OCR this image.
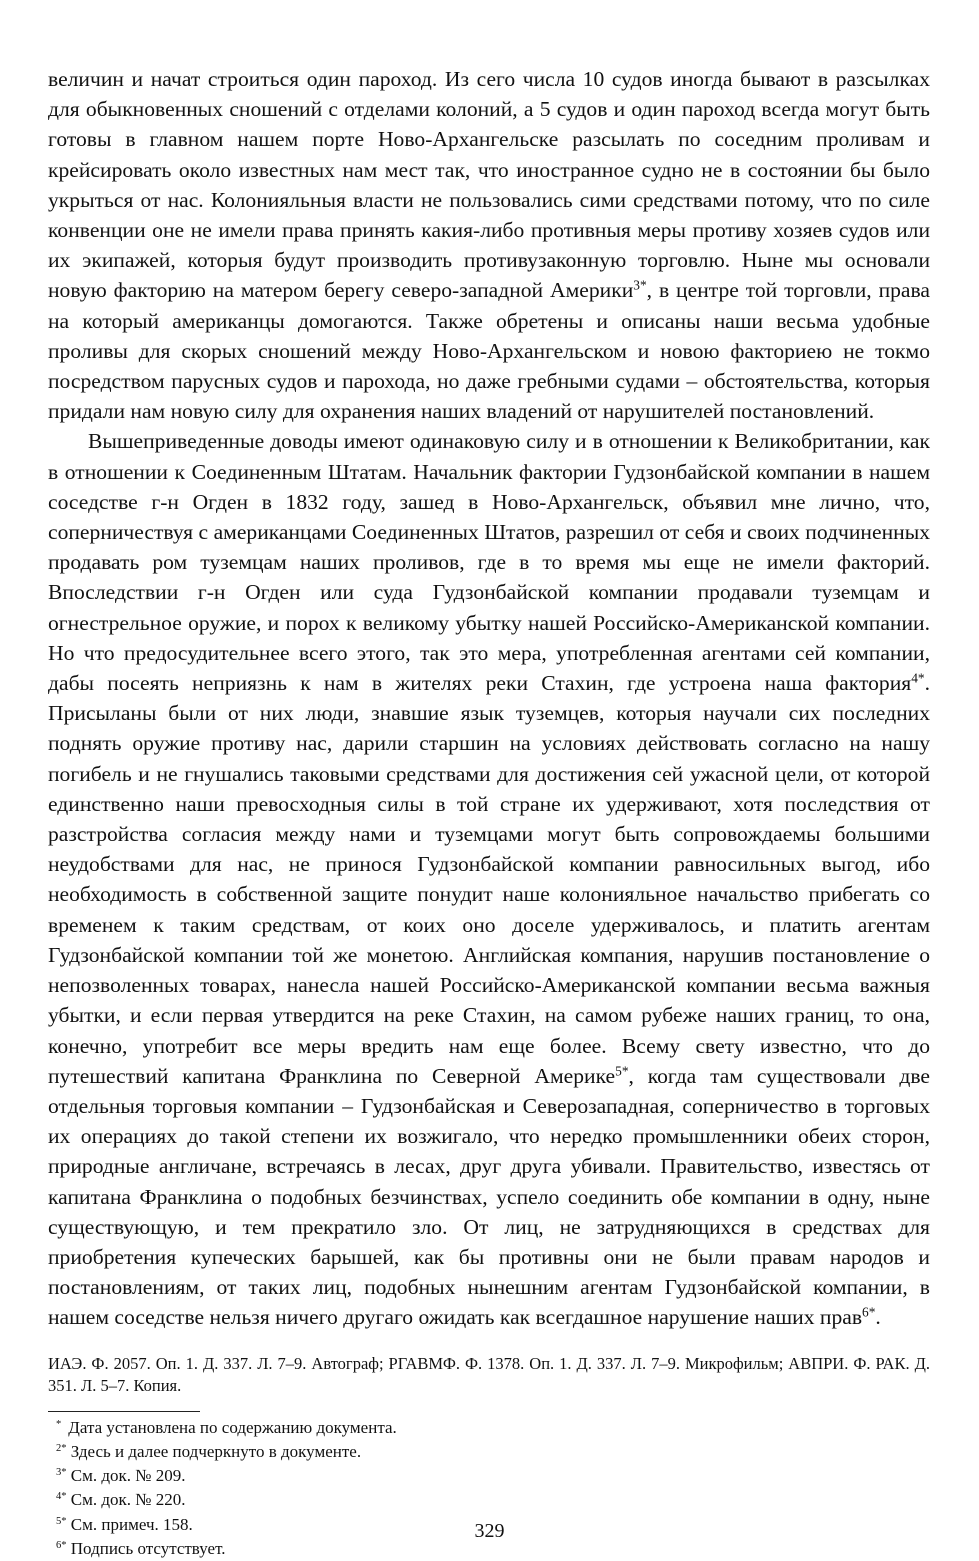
величин и начат строиться один пароход. Из сего числа 10 судов иногда бывают в разсылках для обыкновенных сношений с отделами колоний, а 5 судов и один пароход всегда могут быть готовы в главном нашем порте Ново-Архангельске разсылать по соседним проливам и крейсировать около известных нам мест так, что иностранное судно не в состоянии бы было укрыться от нас. Колонияльныя власти не пользовались сими средствами потому, что по силе конвенции оне не имели права принять какия-либо противныя меры противу хозяев судов или их экипажей, которыя будут производить противузаконную торговлю. Ныне мы основали новую факторию на матером берегу северо-западной Америки$^{3*}$, в центре той торговли, права на который американцы домогаются. Также обретены и описаны наши весьма удобные проливы для скорых сношений между Ново-Архангельском и новою факториею не токмо посредством парусных судов и парохода, но даже гребными судами – обстоятельства, которыя придали нам новую силу для охранения наших владений от нарушителей постановлений.

Вышеприведенные доводы имеют одинаковую силу и в отношении к Великобритании, как в отношении к Соединенным Штатам. Начальник фактории Гудзонбайской компании в нашем соседстве г-н Огден в 1832 году, зашед в Ново-Архангельск, объявил мне лично, что, соперничествуя с американцами Соединенных Штатов, разрешил от себя и своих подчиненных продавать ром туземцам наших проливов, где в то время мы еще не имели факторий. Впоследствии г-н Огден или суда Гудзонбайской компании продавали туземцам и огнестрельное оружие, и порох к великому убытку нашей Российско-Американской компании. Но что предосудительнее всего этого, так это мера, употребленная агентами сей компании, дабы посеять неприязнь к нам в жителях реки Стахин, где устроена наша фактория$^{4*}$. Присыланы были от них люди, знавшие язык туземцев, которыя научали сих последних поднять оружие противу нас, дарили старшин на условиях действовать согласно на нашу погибель и не гнушались таковыми средствами для достижения сей ужасной цели, от которой единственно наши превосходныя силы в той стране их удерживают, хотя последствия от разстройства согласия между нами и туземцами могут быть сопровождаемы большими неудобствами для нас, не принося Гудзонбайской компании равносильных выгод, ибо необходимость в собственной защите понудит наше колонияльное начальство прибегать со временем к таким средствам, от коих оно доселе удерживалось, и платить агентам Гудзонбайской компании той же монетою. Английская компания, нарушив постановление о непозволенных товарах, нанесла нашей Российско-Американской компании весьма важныя убытки, и если первая утвердится на реке Стахин, на самом рубеже наших границ, то она, конечно, употребит все меры вредить нам еще более. Всему свету известно, что до путешествий капитана Франклина по Северной Америке$^{5*}$, когда там существовали две отдельныя торговыя компании – Гудзонбайская и Северозападная, соперничество в торговых их операциях до такой степени их возжигало, что нередко промышленники обеих сторон, природные англичане, встречаясь в лесах, друг друга убивали. Правительство, известясь от капитана Франклина о подобных безчинствах, успело соединить обе компании в одну, ныне существующую, и тем прекратило зло. От лиц, не затрудняющихся в средствах для приобретения купеческих барышей, как бы противны они не были правам народов и постановлениям, от таких лиц, подобных нынешним агентам Гудзонбайской компании, в нашем соседстве нельзя ничего другаго ожидать как всегдашное нарушение наших прав$^{6*}$.

ИАЭ. Ф. 2057. Оп. 1. Д. 337. Л. 7–9. Автограф; РГАВМФ. Ф. 1378. Оп. 1. Д. 337. Л. 7–9. Микрофильм; АВПРИ. Ф. РАК. Д. 351. Л. 5–7. Копия.

* Дата установлена по содержанию документа.

$^{2*}$ Здесь и далее подчеркнуто в документе.

$^{3*}$ См. док. № 209.

$^{4*}$ См. док. № 220.

$^{5*}$ См. примеч. 158.

$^{6*}$ Подпись отсутствует.

329
